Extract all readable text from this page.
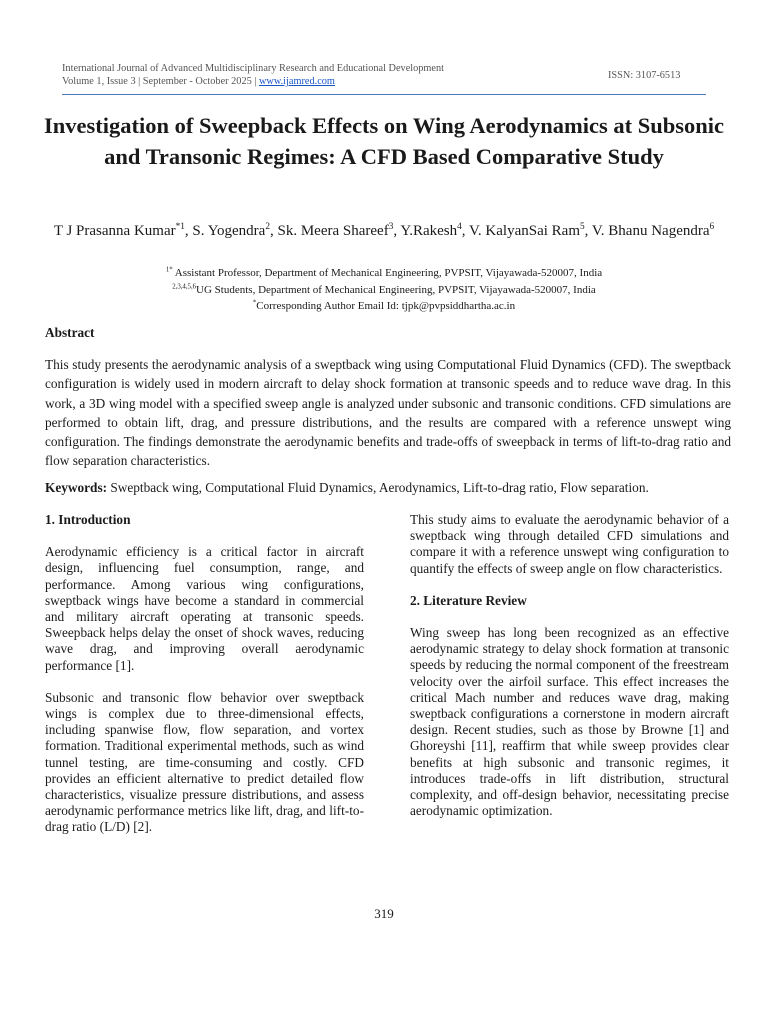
International Journal of Advanced Multidisciplinary Research and Educational Development
Volume 1, Issue 3 | September - October 2025 | www.ijamred.com
ISSN: 3107-6513
Investigation of Sweepback Effects on Wing Aerodynamics at Subsonic and Transonic Regimes: A CFD Based Comparative Study
T J Prasanna Kumar$^{*1}$, S. Yogendra$^2$, Sk. Meera Shareef$^3$, Y.Rakesh$^4$, V. KalyanSai Ram$^5$, V. Bhanu Nagendra$^6$
$^{1*}$ Assistant Professor, Department of Mechanical Engineering, PVPSIT, Vijayawada-520007, India
$^{2,3,4,5,6}$UG Students, Department of Mechanical Engineering, PVPSIT, Vijayawada-520007, India
*Corresponding Author Email Id: tjpk@pvpsiddhartha.ac.in
Abstract
This study presents the aerodynamic analysis of a sweptback wing using Computational Fluid Dynamics (CFD). The sweptback configuration is widely used in modern aircraft to delay shock formation at transonic speeds and to reduce wave drag. In this work, a 3D wing model with a specified sweep angle is analyzed under subsonic and transonic conditions. CFD simulations are performed to obtain lift, drag, and pressure distributions, and the results are compared with a reference unswept wing configuration. The findings demonstrate the aerodynamic benefits and trade-offs of sweepback in terms of lift-to-drag ratio and flow separation characteristics.
Keywords: Sweptback wing, Computational Fluid Dynamics, Aerodynamics, Lift-to-drag ratio, Flow separation.
1. Introduction

Aerodynamic efficiency is a critical factor in aircraft design, influencing fuel consumption, range, and performance. Among various wing configurations, sweptback wings have become a standard in commercial and military aircraft operating at transonic speeds. Sweepback helps delay the onset of shock waves, reducing wave drag, and improving overall aerodynamic performance [1].

Subsonic and transonic flow behavior over sweptback wings is complex due to three-dimensional effects, including spanwise flow, flow separation, and vortex formation. Traditional experimental methods, such as wind tunnel testing, are time-consuming and costly. CFD provides an efficient alternative to predict detailed flow characteristics, visualize pressure distributions, and assess aerodynamic performance metrics like lift, drag, and lift-to-drag ratio (L/D) [2].

This study aims to evaluate the aerodynamic behavior of a sweptback wing through detailed CFD simulations and compare it with a reference unswept wing configuration to quantify the effects of sweep angle on flow characteristics.

2. Literature Review

Wing sweep has long been recognized as an effective aerodynamic strategy to delay shock formation at transonic speeds by reducing the normal component of the freestream velocity over the airfoil surface. This effect increases the critical Mach number and reduces wave drag, making sweptback configurations a cornerstone in modern aircraft design. Recent studies, such as those by Browne [1] and Ghoreyshi [11], reaffirm that while sweep provides clear benefits at high subsonic and transonic regimes, it introduces trade-offs in lift distribution, structural complexity, and off-design behavior, necessitating precise aerodynamic optimization.

319
